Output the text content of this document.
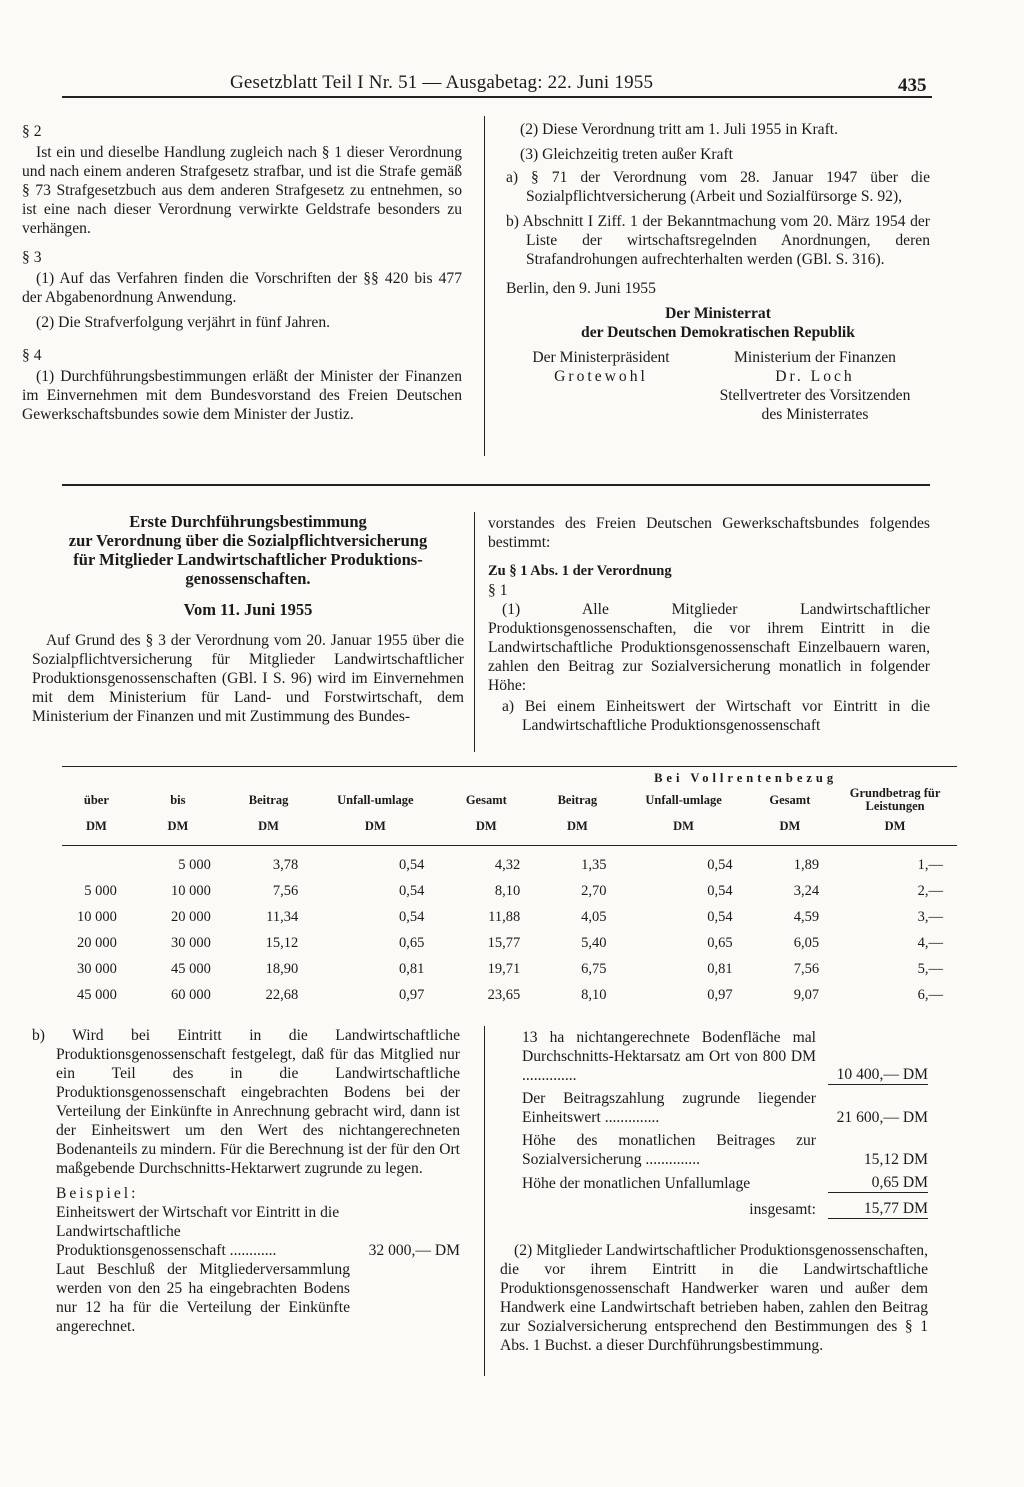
Gesetzblatt Teil I Nr. 51 — Ausgabetag: 22. Juni 1955	435

§ 2

Ist ein und dieselbe Handlung zugleich nach § 1 dieser Verordnung und nach einem anderen Strafgesetz strafbar, und ist die Strafe gemäß § 73 Strafgesetzbuch aus dem anderen Strafgesetz zu entnehmen, so ist eine nach dieser Verordnung verwirkte Geldstrafe besonders zu verhängen.

§ 3

(1) Auf das Verfahren finden die Vorschriften der §§ 420 bis 477 der Abgabenordnung Anwendung.

(2) Die Strafverfolgung verjährt in fünf Jahren.

§ 4

(1) Durchführungsbestimmungen erläßt der Minister der Finanzen im Einvernehmen mit dem Bundesvorstand des Freien Deutschen Gewerkschaftsbundes sowie dem Minister der Justiz.

(2) Diese Verordnung tritt am 1. Juli 1955 in Kraft.

(3) Gleichzeitig treten außer Kraft

a) § 71 der Verordnung vom 28. Januar 1947 über die Sozialpflichtversicherung (Arbeit und Sozialfürsorge S. 92),

b) Abschnitt I Ziff. 1 der Bekanntmachung vom 20. März 1954 der Liste der wirtschaftsregelnden Anordnungen, deren Strafandrohungen aufrechterhalten werden (GBl. S. 316).

Berlin, den 9. Juni 1955

Der Ministerrat

der Deutschen Demokratischen Republik

Der Ministerpräsident
Grotewohl
Ministerium der Finanzen
Dr. Loch
Stellvertreter des Vorsitzenden
des Ministerrates

Erste Durchführungsbestimmung

zur Verordnung über die Sozialpflichtversicherung

für Mitglieder Landwirtschaftlicher Produktions-

genossenschaften.

Vom 11. Juni 1955

Auf Grund des § 3 der Verordnung vom 20. Januar 1955 über die Sozialpflichtversicherung für Mitglieder Landwirtschaftlicher Produktionsgenossenschaften (GBl. I S. 96) wird im Einvernehmen mit dem Ministerium für Land- und Forstwirtschaft, dem Ministerium der Finanzen und mit Zustimmung des Bundes-

vorstandes des Freien Deutschen Gewerkschaftsbundes folgendes bestimmt:

Zu § 1 Abs. 1 der Verordnung

§ 1

(1) Alle Mitglieder Landwirtschaftlicher Produktionsgenossenschaften, die vor ihrem Eintritt in die Landwirtschaftliche Produktionsgenossenschaft Einzelbauern waren, zahlen den Beitrag zur Sozialversicherung monatlich in folgender Höhe:

a) Bei einem Einheitswert der Wirtschaft vor Eintritt in die Landwirtschaftliche Produktionsgenossenschaft

					Bei Vollrentenbezug			
über	bis	Beitrag	Unfall-umlage	Gesamt	Beitrag	Unfall-umlage	Gesamt	Grundbetrag für Leistungen
DM	DM	DM	DM	DM	DM	DM	DM	DM

	5 000	3,78	0,54	4,32	1,35	0,54	1,89	1,—
5 000	10 000	7,56	0,54	8,10	2,70	0,54	3,24	2,—
10 000	20 000	11,34	0,54	11,88	4,05	0,54	4,59	3,—
20 000	30 000	15,12	0,65	15,77	5,40	0,65	6,05	4,—
30 000	45 000	18,90	0,81	19,71	6,75	0,81	7,56	5,—
45 000	60 000	22,68	0,97	23,65	8,10	0,97	9,07	6,—

b) Wird bei Eintritt in die Landwirtschaftliche Produktionsgenossenschaft festgelegt, daß für das Mitglied nur ein Teil des in die Landwirtschaftliche Produktionsgenossenschaft eingebrachten Bodens bei der Verteilung der Einkünfte in Anrechnung gebracht wird, dann ist der Einheitswert um den Wert des nichtangerechneten Bodenanteils zu mindern. Für die Berechnung ist der für den Ort maßgebende Durchschnitts-Hektarwert zugrunde zu legen.

Beispiel:

Einheitswert der Wirtschaft vor Eintritt in die Landwirtschaftliche Produktionsgenossenschaft ............	32 000,— DM

Laut Beschluß der Mitgliederversammlung werden von den 25 ha eingebrachten Bodens nur 12 ha für die Verteilung der Einkünfte angerechnet.

13 ha nichtangerechnete Bodenfläche mal Durchschnitts-Hektarsatz am Ort von 800 DM ..............	10 400,— DM

Der Beitragszahlung zugrunde liegender Einheitswert ..............	21 600,— DM

Höhe des monatlichen Beitrages zur Sozialversicherung ..............	15,12 DM

Höhe der monatlichen Unfallumlage	0,65 DM

insgesamt:	15,77 DM

(2) Mitglieder Landwirtschaftlicher Produktionsgenossenschaften, die vor ihrem Eintritt in die Landwirtschaftliche Produktionsgenossenschaft Handwerker waren und außer dem Handwerk eine Landwirtschaft betrieben haben, zahlen den Beitrag zur Sozialversicherung entsprechend den Bestimmungen des § 1 Abs. 1 Buchst. a dieser Durchführungsbestimmung.
